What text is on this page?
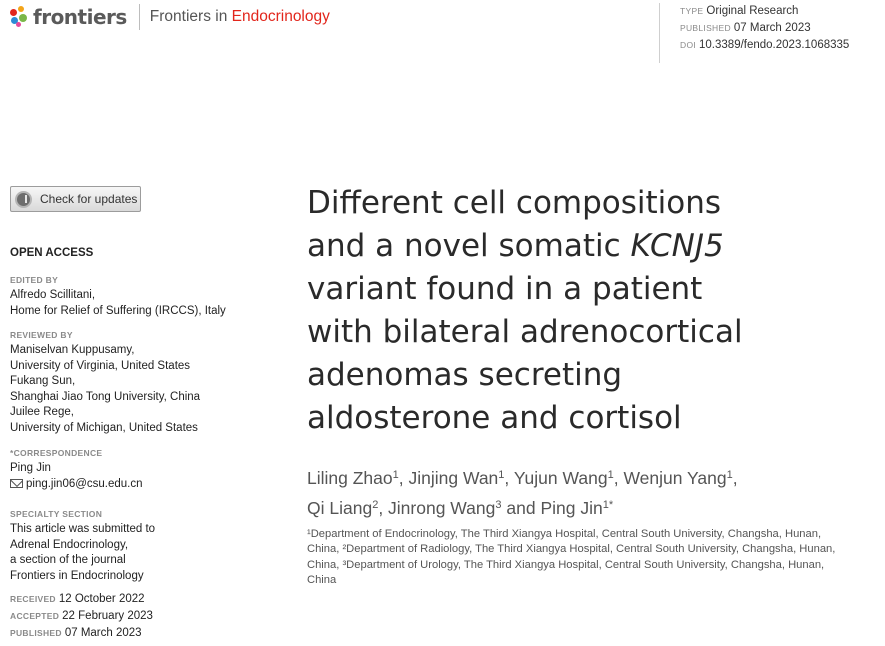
frontiers Frontiers in Endocrinology	TYPE Original Research
PUBLISHED 07 March 2023
DOI 10.3389/fendo.2023.1068335
Check for updates
OPEN ACCESS
EDITED BY
Alfredo Scillitani,
Home for Relief of Suffering (IRCCS), Italy
REVIEWED BY
Maniselvan Kuppusamy,
University of Virginia, United States
Fukang Sun,
Shanghai Jiao Tong University, China
Juilee Rege,
University of Michigan, United States
*CORRESPONDENCE
Ping Jin
ping.jin06@csu.edu.cn
SPECIALTY SECTION
This article was submitted to
Adrenal Endocrinology,
a section of the journal
Frontiers in Endocrinology
RECEIVED 12 October 2022
ACCEPTED 22 February 2023
PUBLISHED 07 March 2023
Different cell compositions
and a novel somatic KCNJ5
variant found in a patient
with bilateral adrenocortical
adenomas secreting
aldosterone and cortisol
Liling Zhao$^1$, Jinjing Wan$^1$, Yujun Wang$^1$, Wenjun Yang$^1$,
Qi Liang$^2$, Jinrong Wang$^3$ and Ping Jin$^{1*}$
¹Department of Endocrinology, The Third Xiangya Hospital, Central South University, Changsha, Hunan, China, ²Department of Radiology, The Third Xiangya Hospital, Central South University, Changsha, Hunan, China, ³Department of Urology, The Third Xiangya Hospital, Central South University, Changsha, Hunan, China
